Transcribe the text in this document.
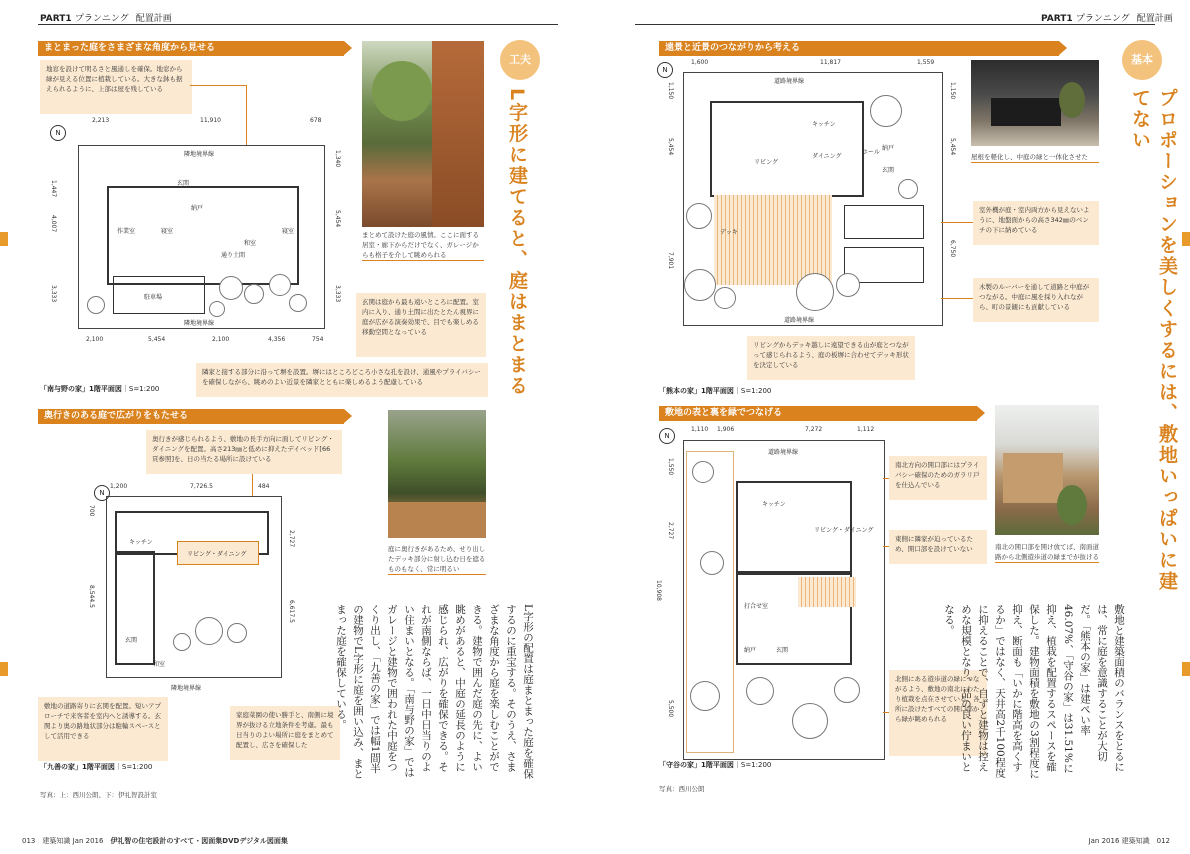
PART1 プランニング 配置計画
まとまった庭をさまざまな角度から見せる
地窓を設けて明るさと風通しを確保。地窓から緑が見える位置に植栽している。大きな鉢も据えられるように、上部は屋を残している
玄関
納戸
作業室	寝室
和室
寝室
通り土間
駐車場
隣地境界線
隣地境界線
2,213	11,910	678
2,100	5,454	2,100	4,356	754
1,447
4,007
3,333
1,340
5,454
3,333
N
まとめて設けた庭の風情。ここに面する居室・廊下からだけでなく、ガレージからも格子を介して眺められる
玄関は庭から最も遠いところに配置。室内に入り、通り土間に出たとたん視界に庭が広がる演奏効果で、目でも楽しめる移動空間となっている
隣家と接する部分に沿って塀を設置。塀にはところどころ小さな孔を設け、通風やプライバシーを確保しながら、眺めのよい近景を隣家とともに楽しめるよう配慮している
「南与野の家」1階平面図｜S=1:200
奥行きのある庭で広がりをもたせる
奥行きが感じられるよう、敷地の長手方向に面してリビング・ダイニングを配置。高さ213㎜と低めに抑えたデイベッド[66頁参照]を、日の当たる場所に設けている
キッチン
リビング・ダイニング
玄関
和室
隣地境界線
1,200	7,726.5	484
700
8,544.5
2,727
6,617.5
N
庭に奥行きがあるため、せり出したデッキ部分に射し込む日を遮るものもなく、常に明るい
敷地の道路寄りに玄関を配置。短いアプローチで来客者を室内へと誘導する。玄関より奥の路地状部分は駐輪スペースとして活用できる
家庭菜園の使い勝手と、南側に境界が抜ける立地条件を考慮。最も日当りのよい場所に庭をまとめて配置し、広さを確保した
「九善の家」1階平面図｜S=1:200
工夫
L字形に建てると、庭はまとまる
L字形の配置は庭まとまった庭を確保するのに重宝する。そのうえ、さまざまな角度から庭を楽しむことができる。建物で囲んだ庭の先に、よい眺めがあると、中庭の延長のように感じられ、広がりを確保できる。それが南側ならば、一日中日当りのよい住まいとなる。「南与野の家」ではガレージと建物で囲われた中庭をつくり出し、「九善の家」では幅1間半の建物でL字形に庭を囲い込み、まとまった庭を確保している。
写真：上：西川公朗、下：伊礼智設計室
013　 建築知識 Jan 2016　 伊礼智の住宅設計のすべて・図面集DVDデジタル図面集
PART1 プランニング 配置計画
遠景と近景のつながりから考える
1,600	11,817	1,559
N
キッチン
リビング
ダイニング
ホール
納戸
玄関
デッキ
道路境界線
道路境界線
1,150
5,454
7,901
1,150
5,454
6,750
屋根を軽化し、中庭の緑と一体化させた
室外機が庭・室内両方から見えないように、地盤面からの高さ342㎜のベンチの下に納めている
木製のルーバーを通して道路と中庭がつながる。中庭に風を採り入れながら、町の景観にも貢献している
リビングからデッキ越しに遠望できる山が庭とつながって感じられるよう、庭の板塀に合わせてデッキ形状を決定している
「熊本の家」1階平面図｜S=1:200
敷地の表と裏を緑でつなげる
1,110 1,906	7,272	1,112
N
キッチン
リビング・ダイニング
打合せ室
納戸	玄関
道路境界線
1,550
2,727
10,908
5,500
南北方向の開口部にはプライバシー確保のためのガラリ戸を仕込んでいる
東側に隣家が迫っているため、開口部を設けていない
北側にある遊歩道の緑につながるよう、敷地の南北にわたり植栽を点在させている。各所に設けたすべての開口部から緑が眺められる
南北の開口部を開け放てば、南面道路から北側遊歩道の緑までが抜ける
「守谷の家」1階平面図｜S=1:200
基本
プロポーションを美しくするには、敷地いっぱいに建てない
敷地と建築面積のバランスをとるには、常に庭を意識することが大切だ。「熊本の家」は建ぺい率46.07%、「守谷の家」は31.51%に抑え、植栽を配置するスペースを確保した。建物面積を敷地の3割程度に抑え、断面も「いかに階高を高くするか」ではなく、天井高2千100程度に抑えることで、自ずと建物は控えめな規模となり、品の良い佇まいとなる。
写真：西川公朗
Jan 2016 建築知識　 012
